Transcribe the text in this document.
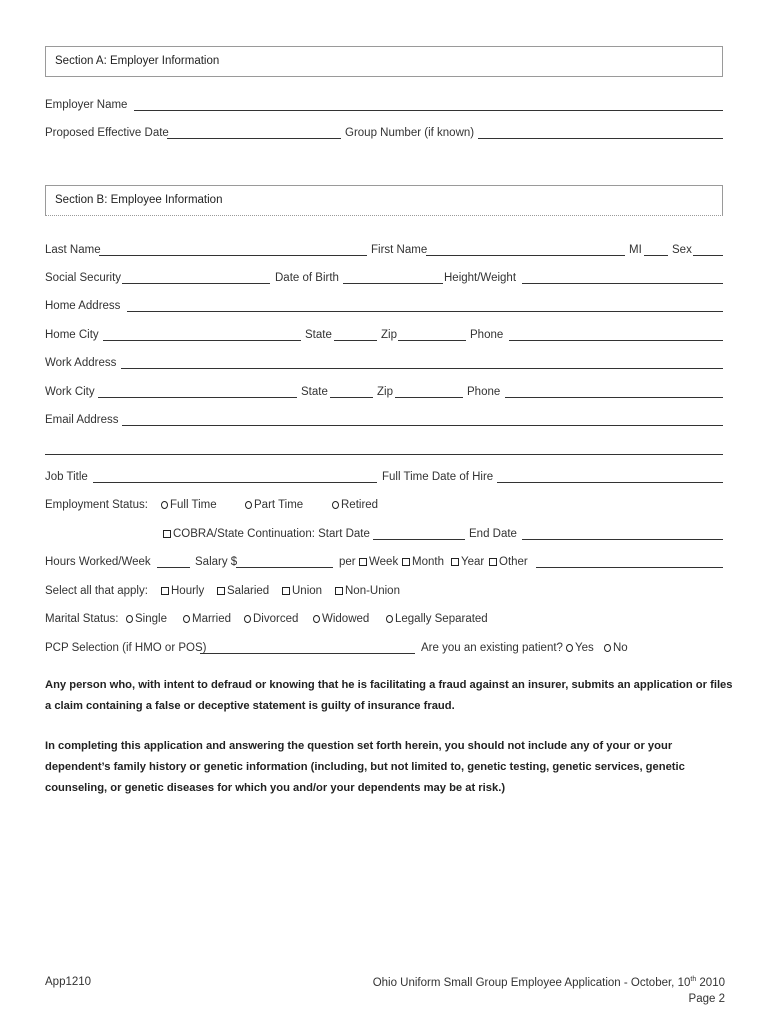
Section A: Employer Information
Employer Name
Proposed Effective Date	Group Number (if known)
Section B: Employee Information
Last Name	First Name	MI	Sex
Social Security	Date of Birth	Height/Weight
Home Address
Home City	State	Zip	Phone
Work Address
Work City	State	Zip	Phone
Email Address
Job Title	Full Time Date of Hire
Employment Status:	Full Time	Part Time	Retired
COBRA/State Continuation: Start Date	End Date
Hours Worked/Week	Salary $	per	Week	Month	Year	Other
Select all that apply:	Hourly	Salaried	Union	Non-Union
Marital Status:	Single	Married	Divorced	Widowed	Legally Separated
PCP Selection (if HMO or POS)	Are you an existing patient?	Yes	No
Any person who, with intent to defraud or knowing that he is facilitating a fraud against an insurer, submits an application or files a claim containing a false or deceptive statement is guilty of insurance fraud.
In completing this application and answering the question set forth herein, you should not include any of your or your dependent’s family history or genetic information (including, but not limited to, genetic testing, genetic services, genetic counseling, or genetic diseases for which you and/or your dependents may be at risk.)
App1210	Ohio Uniform Small Group Employee Application - October, 10th 2010
Page 2
